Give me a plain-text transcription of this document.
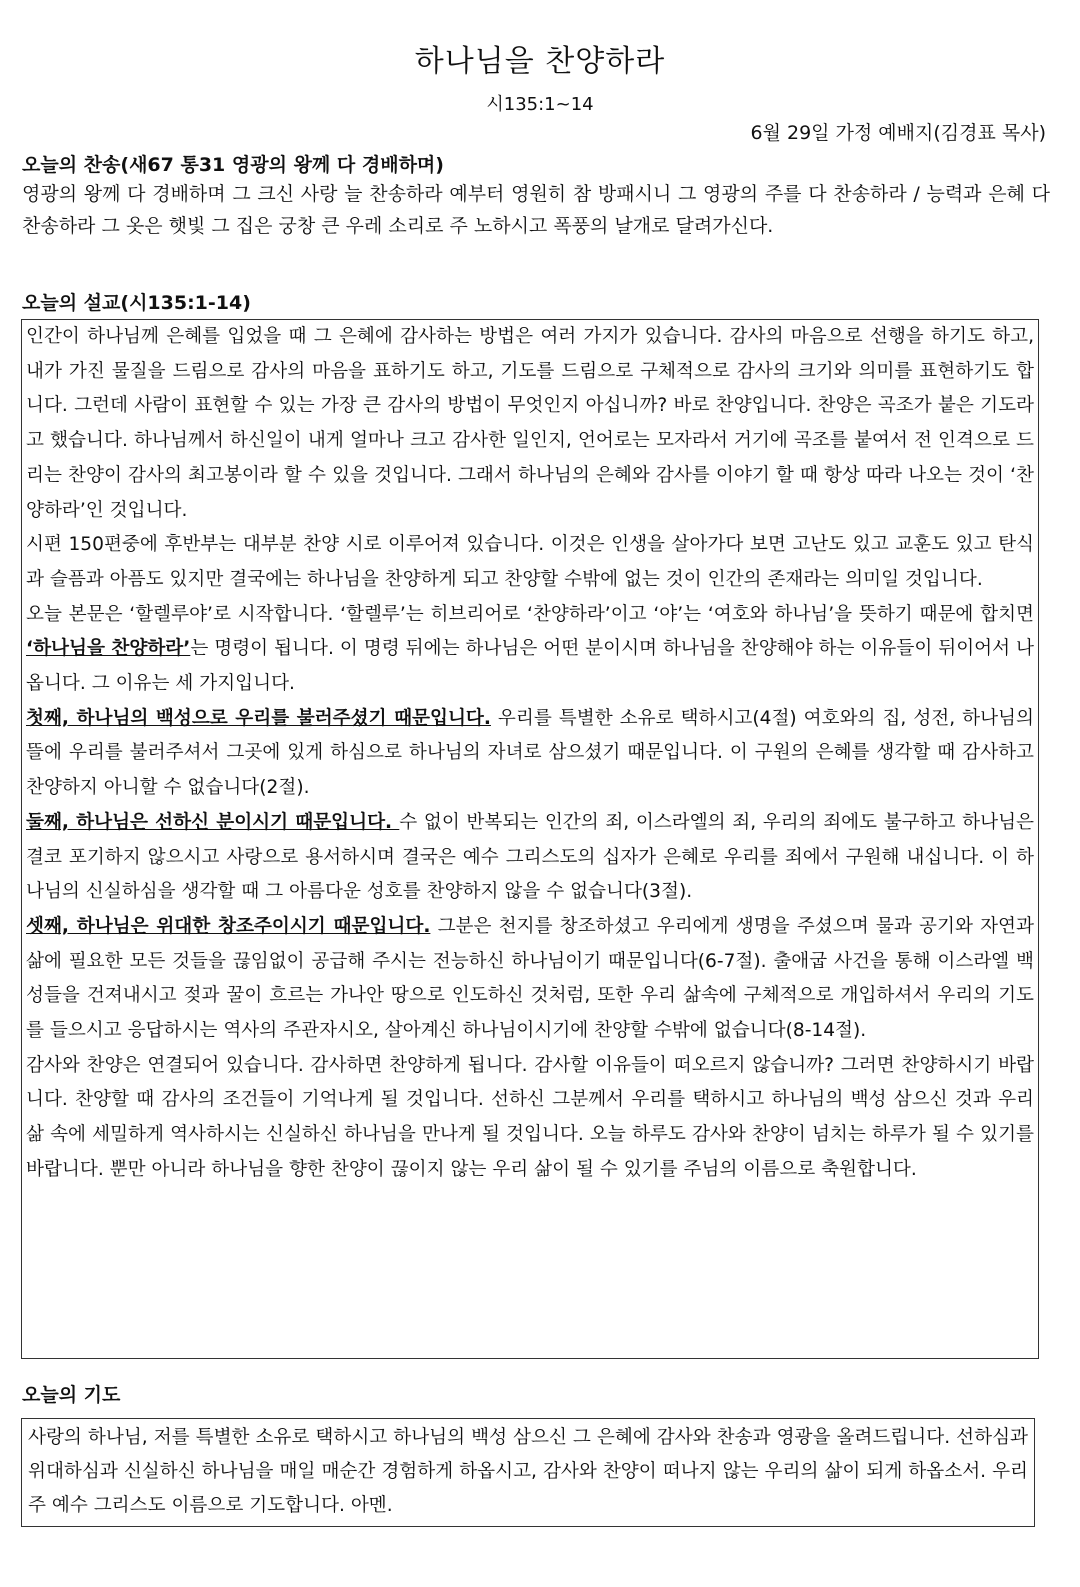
하나님을 찬양하라
시135:1~14
6월 29일 가정 예배지(김경표 목사)
오늘의 찬송(새67 통31 영광의 왕께 다 경배하며)
영광의 왕께 다 경배하며 그 크신 사랑 늘 찬송하라 예부터 영원히 참 방패시니 그 영광의 주를 다 찬송하라 / 능력과 은혜 다 찬송하라 그 옷은 햇빛 그 집은 궁창 큰 우레 소리로 주 노하시고 폭풍의 날개로 달려가신다.
오늘의 설교(시135:1-14)

인간이 하나님께 은혜를 입었을 때 그 은혜에 감사하는 방법은 여러 가지가 있습니다. 감사의 마음으로 선행을 하기도 하고, 내가 가진 물질을 드림으로 감사의 마음을 표하기도 하고, 기도를 드림으로 구체적으로 감사의 크기와 의미를 표현하기도 합니다. 그런데 사람이 표현할 수 있는 가장 큰 감사의 방법이 무엇인지 아십니까? 바로 찬양입니다. 찬양은 곡조가 붙은 기도라고 했습니다. 하나님께서 하신일이 내게 얼마나 크고 감사한 일인지, 언어로는 모자라서 거기에 곡조를 붙여서 전 인격으로 드리는 찬양이 감사의 최고봉이라 할 수 있을 것입니다. 그래서 하나님의 은혜와 감사를 이야기 할 때 항상 따라 나오는 것이 ‘찬양하라’인 것입니다.

시편 150편중에 후반부는 대부분 찬양 시로 이루어져 있습니다. 이것은 인생을 살아가다 보면 고난도 있고 교훈도 있고 탄식과 슬픔과 아픔도 있지만 결국에는 하나님을 찬양하게 되고 찬양할 수밖에 없는 것이 인간의 존재라는 의미일 것입니다.

오늘 본문은 ‘할렐루야’로 시작합니다. ‘할렐루’는 히브리어로 ‘찬양하라’이고 ‘야’는 ‘여호와 하나님’을 뜻하기 때문에 합치면 ‘하나님을 찬양하라’는 명령이 됩니다. 이 명령 뒤에는 하나님은 어떤 분이시며 하나님을 찬양해야 하는 이유들이 뒤이어서 나옵니다. 그 이유는 세 가지입니다.

첫째, 하나님의 백성으로 우리를 불러주셨기 때문입니다. 우리를 특별한 소유로 택하시고(4절) 여호와의 집, 성전, 하나님의 뜰에 우리를 불러주셔서 그곳에 있게 하심으로 하나님의 자녀로 삼으셨기 때문입니다. 이 구원의 은혜를 생각할 때 감사하고 찬양하지 아니할 수 없습니다(2절).

둘째, 하나님은 선하신 분이시기 때문입니다. 수 없이 반복되는 인간의 죄, 이스라엘의 죄, 우리의 죄에도 불구하고 하나님은 결코 포기하지 않으시고 사랑으로 용서하시며 결국은 예수 그리스도의 십자가 은혜로 우리를 죄에서 구원해 내십니다. 이 하나님의 신실하심을 생각할 때 그 아름다운 성호를 찬양하지 않을 수 없습니다(3절).

셋째, 하나님은 위대한 창조주이시기 때문입니다. 그분은 천지를 창조하셨고 우리에게 생명을 주셨으며 물과 공기와 자연과 삶에 필요한 모든 것들을 끊임없이 공급해 주시는 전능하신 하나님이기 때문입니다(6-7절). 출애굽 사건을 통해 이스라엘 백성들을 건져내시고 젖과 꿀이 흐르는 가나안 땅으로 인도하신 것처럼, 또한 우리 삶속에 구체적으로 개입하셔서 우리의 기도를 들으시고 응답하시는 역사의 주관자시오, 살아계신 하나님이시기에 찬양할 수밖에 없습니다(8-14절).

감사와 찬양은 연결되어 있습니다. 감사하면 찬양하게 됩니다. 감사할 이유들이 떠오르지 않습니까? 그러면 찬양하시기 바랍니다. 찬양할 때 감사의 조건들이 기억나게 될 것입니다. 선하신 그분께서 우리를 택하시고 하나님의 백성 삼으신 것과 우리 삶 속에 세밀하게 역사하시는 신실하신 하나님을 만나게 될 것입니다. 오늘 하루도 감사와 찬양이 넘치는 하루가 될 수 있기를 바랍니다. 뿐만 아니라 하나님을 향한 찬양이 끊이지 않는 우리 삶이 될 수 있기를 주님의 이름으로 축원합니다.

오늘의 기도

사랑의 하나님, 저를 특별한 소유로 택하시고 하나님의 백성 삼으신 그 은혜에 감사와 찬송과 영광을 올려드립니다. 선하심과 위대하심과 신실하신 하나님을 매일 매순간 경험하게 하옵시고, 감사와 찬양이 떠나지 않는 우리의 삶이 되게 하옵소서. 우리 주 예수 그리스도 이름으로 기도합니다. 아멘.
